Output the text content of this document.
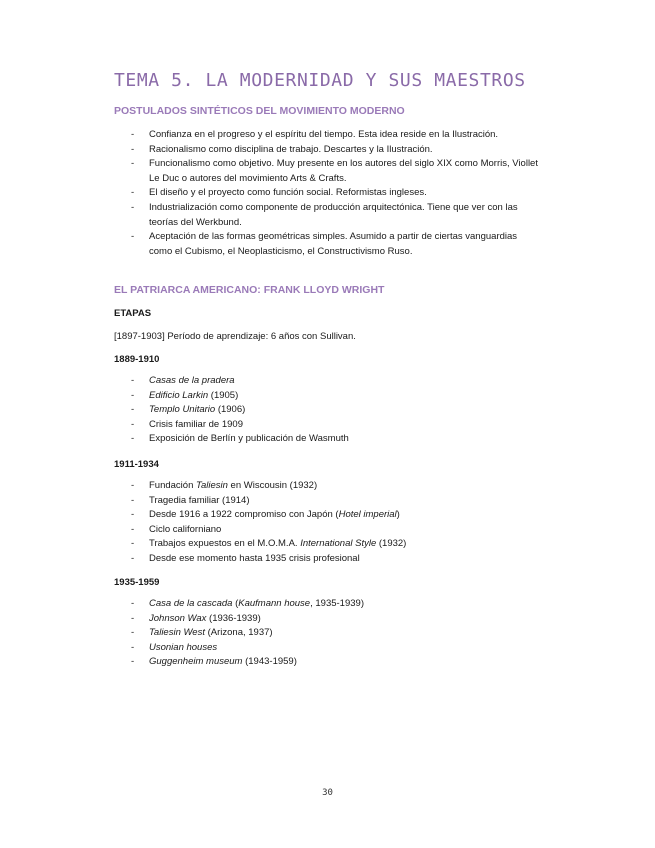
TEMA 5. LA MODERNIDAD Y SUS MAESTROS
POSTULADOS SINTÉTICOS DEL MOVIMIENTO MODERNO
- Confianza en el progreso y el espíritu del tiempo. Esta idea reside en la Ilustración.
- Racionalismo como disciplina de trabajo. Descartes y la Ilustración.
- Funcionalismo como objetivo. Muy presente en los autores del siglo XIX como Morris, Viollet Le Duc o autores del movimiento Arts & Crafts.
- El diseño y el proyecto como función social. Reformistas ingleses.
- Industrialización como componente de producción arquitectónica. Tiene que ver con las teorías del Werkbund.
- Aceptación de las formas geométricas simples. Asumido a partir de ciertas vanguardias como el Cubismo, el Neoplasticismo, el Constructivismo Ruso.
EL PATRIARCA AMERICANO: FRANK LLOYD WRIGHT
ETAPAS
[1897-1903] Período de aprendizaje: 6 años con Sullivan.
1889-1910
- Casas de la pradera
- Edificio Larkin (1905)
- Templo Unitario (1906)
- Crisis familiar de 1909
- Exposición de Berlín y publicación de Wasmuth
1911-1934
- Fundación Taliesin en Wiscousin (1932)
- Tragedia familiar (1914)
- Desde 1916 a 1922 compromiso con Japón (Hotel imperial)
- Ciclo californiano
- Trabajos expuestos en el M.O.M.A. International Style (1932)
- Desde ese momento hasta 1935 crisis profesional
1935-1959
- Casa de la cascada (Kaufmann house, 1935-1939)
- Johnson Wax (1936-1939)
- Taliesin West (Arizona, 1937)
- Usonian houses
- Guggenheim museum (1943-1959)
30
